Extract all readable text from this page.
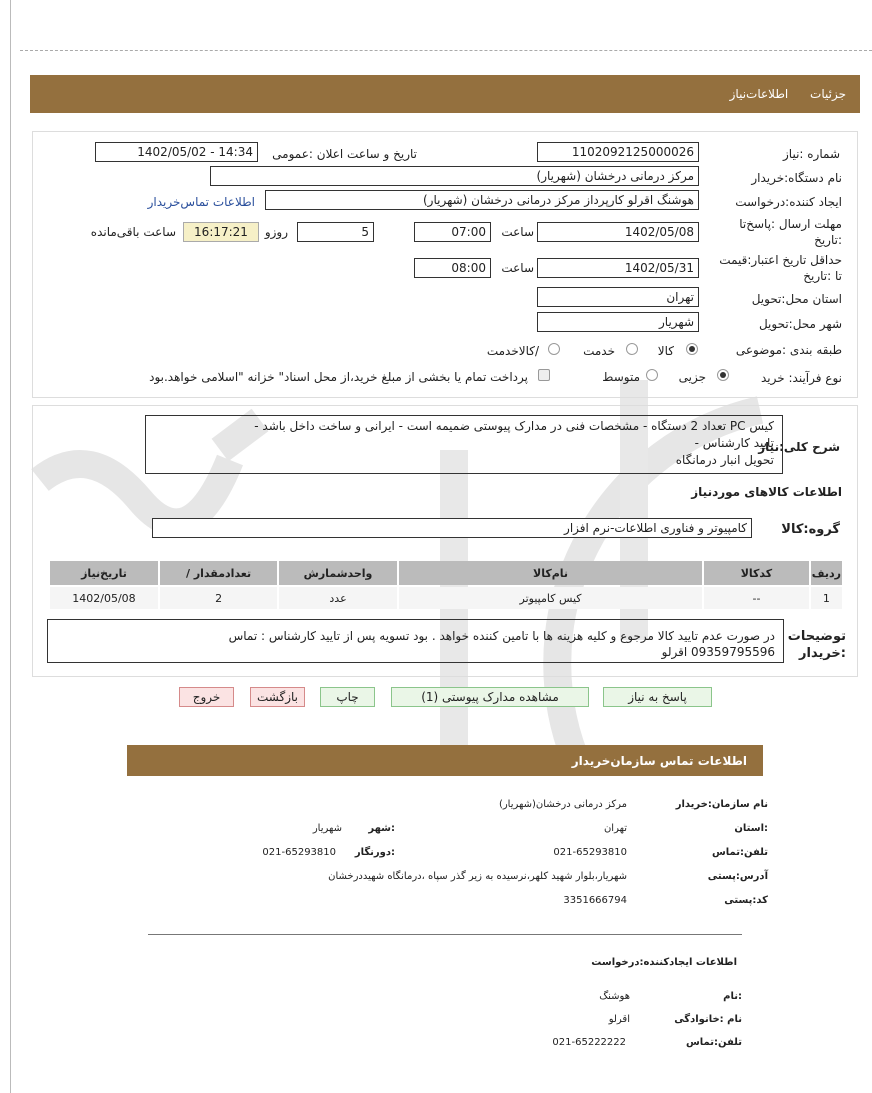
جزئیات اطلاعات‌نیاز
شماره :نیاز
1102092125000026
تاریخ و ساعت اعلان :عمومی
1402/05/02 - 14:34
نام دستگاه:خریدار
مرکز درمانی درخشان (شهریار)
ایجاد کننده:درخواست
هوشنگ اقرلو کارپرداز مرکز درمانی درخشان (شهریار)
اطلاعات تماس‌خریدار
مهلت ارسال :پاسخ‌تا
:تاریخ
1402/05/08
ساعت
07:00
5
روزو
16:17:21
ساعت باقی‌مانده
حداقل تاریخ اعتبار:قیمت
تا :تاریخ
1402/05/31
ساعت
08:00
استان محل:تحویل
تهران
شهر محل:تحویل
شهریار
طبقه بندی :موضوعی
کالا
خدمت
/کالاخدمت
نوع فرآیند: خرید
جزیی
متوسط
پرداخت تمام یا بخشی از مبلغ خرید،از محل اسناد" خزانه "اسلامی خواهد.بود
شرح کلی:نیاز
کیس PC تعداد 2 دستگاه - مشخصات فنی در مدارک پیوستی ضمیمه است - ایرانی و ساخت داخل باشد -
تایید کارشناس -
تحویل انبار درمانگاه
اطلاعات کالاهای موردنیاز
گروه:کالا
کامپیوتر و فناوری اطلاعات-نرم افزار
تاریخ‌نیاز	/ تعدادمقدار	واحدشمارش	نام‌کالا	کدکالا	ردیف
1402/05/08	2	عدد	کیس کامپیوتر	--	1
توضیحات :خریدار
در صورت عدم تایید کالا مرجوع و کلیه هزینه ها با تامین کننده خواهد . بود تسویه پس از تایید کارشناس : تماس
09359795596 اقرلو
پاسخ به نیاز
مشاهده مدارک پیوستی (1)
چاپ
بازگشت
خروج
اطلاعات تماس سازمان‌خریدار
نام سازمان:خریدار
مرکز درمانی درخشان(شهریار)
:استان
تهران
:شهر
شهریار
تلفن:تماس
021-65293810
:دورنگار
021-65293810
آدرس:پستی
شهریار،بلوار شهید کلهر،نرسیده به زیر گذر سپاه ،درمانگاه شهیددرخشان
کد:پستی
3351666794
اطلاعات ایجادکننده:درخواست
:نام
هوشنگ
نام :خانوادگی
اقرلو
تلفن:تماس
021-65222222
